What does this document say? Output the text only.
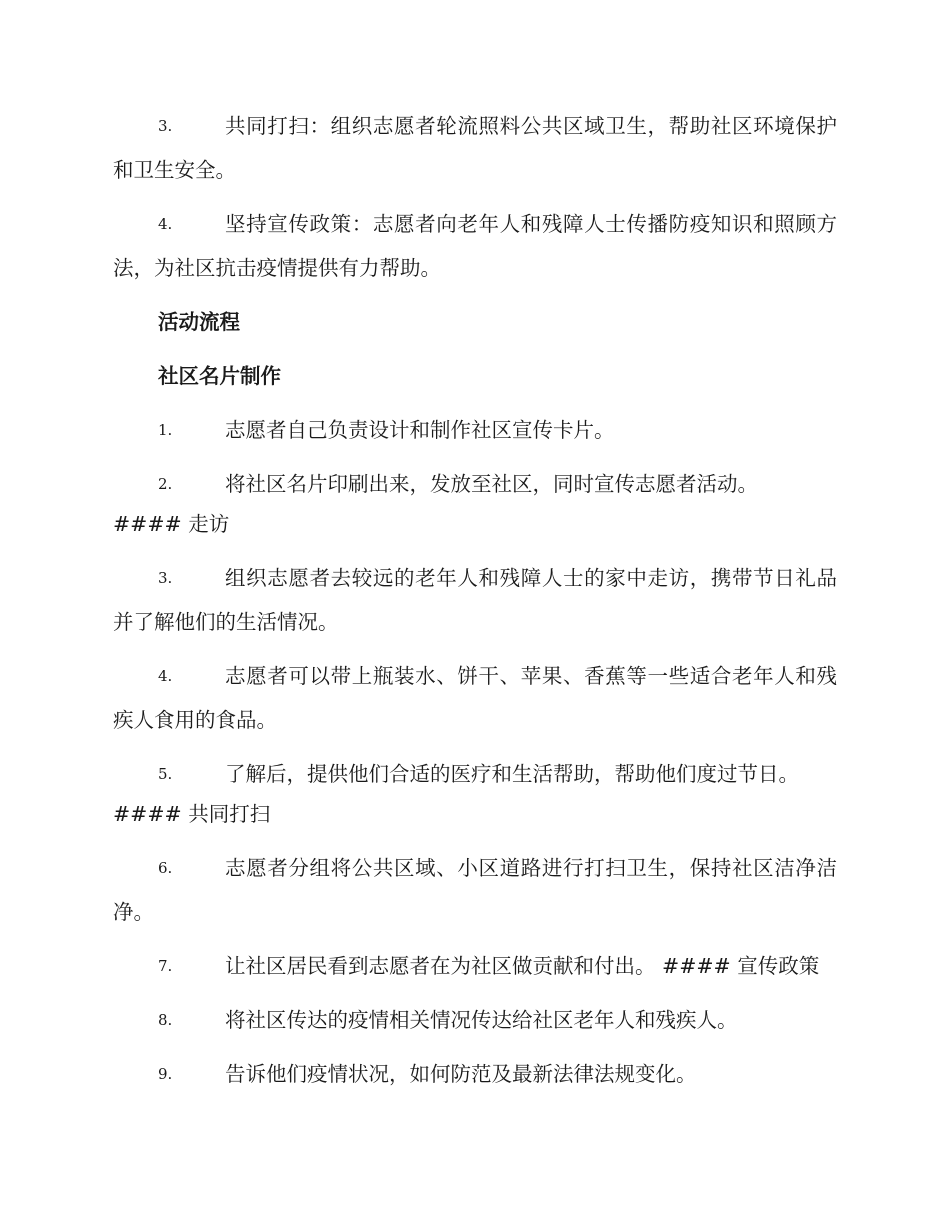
3.	共同打扫：组织志愿者轮流照料公共区域卫生，帮助社区环境保护和卫生安全。
4.	坚持宣传政策：志愿者向老年人和残障人士传播防疫知识和照顾方法，为社区抗击疫情提供有力帮助。
活动流程
社区名片制作
1.	志愿者自己负责设计和制作社区宣传卡片。
2.	将社区名片印刷出来，发放至社区，同时宣传志愿者活动。
#### 走访
3.	组织志愿者去较远的老年人和残障人士的家中走访，携带节日礼品并了解他们的生活情况。
4.	志愿者可以带上瓶装水、饼干、苹果、香蕉等一些适合老年人和残疾人食用的食品。
5.	了解后，提供他们合适的医疗和生活帮助，帮助他们度过节日。
#### 共同打扫
6.	志愿者分组将公共区域、小区道路进行打扫卫生，保持社区洁净洁净。
7.	让社区居民看到志愿者在为社区做贡献和付出。 #### 宣传政策
8.	将社区传达的疫情相关情况传达给社区老年人和残疾人。
9.	告诉他们疫情状况，如何防范及最新法律法规变化。
